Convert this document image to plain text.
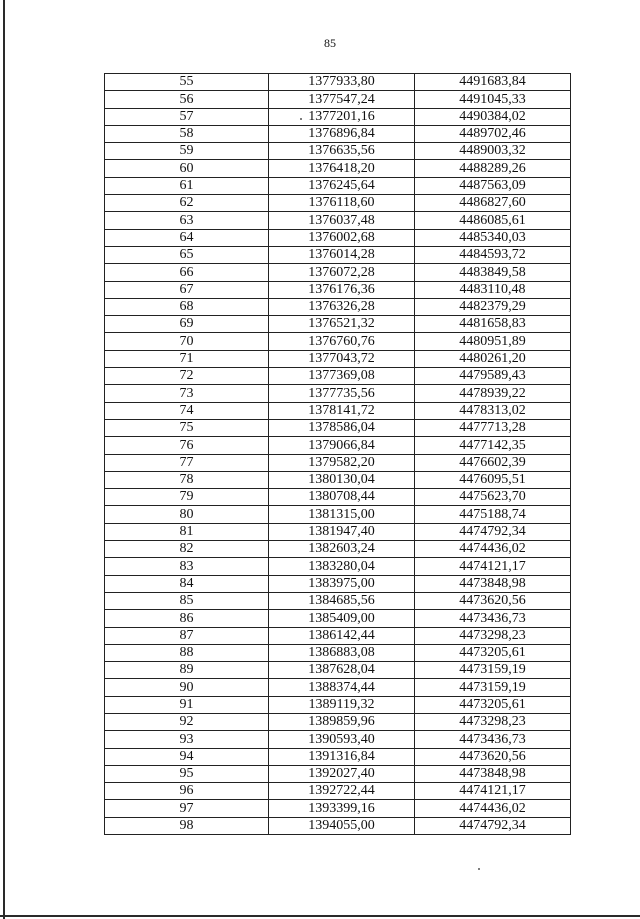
85
55	1377933,80	4491683,84
56	1377547,24	4491045,33
57	1377201,16	4490384,02
58	1376896,84	4489702,46
59	1376635,56	4489003,32
60	1376418,20	4488289,26
61	1376245,64	4487563,09
62	1376118,60	4486827,60
63	1376037,48	4486085,61
64	1376002,68	4485340,03
65	1376014,28	4484593,72
66	1376072,28	4483849,58
67	1376176,36	4483110,48
68	1376326,28	4482379,29
69	1376521,32	4481658,83
70	1376760,76	4480951,89
71	1377043,72	4480261,20
72	1377369,08	4479589,43
73	1377735,56	4478939,22
74	1378141,72	4478313,02
75	1378586,04	4477713,28
76	1379066,84	4477142,35
77	1379582,20	4476602,39
78	1380130,04	4476095,51
79	1380708,44	4475623,70
80	1381315,00	4475188,74
81	1381947,40	4474792,34
82	1382603,24	4474436,02
83	1383280,04	4474121,17
84	1383975,00	4473848,98
85	1384685,56	4473620,56
86	1385409,00	4473436,73
87	1386142,44	4473298,23
88	1386883,08	4473205,61
89	1387628,04	4473159,19
90	1388374,44	4473159,19
91	1389119,32	4473205,61
92	1389859,96	4473298,23
93	1390593,40	4473436,73
94	1391316,84	4473620,56
95	1392027,40	4473848,98
96	1392722,44	4474121,17
97	1393399,16	4474436,02
98	1394055,00	4474792,34
